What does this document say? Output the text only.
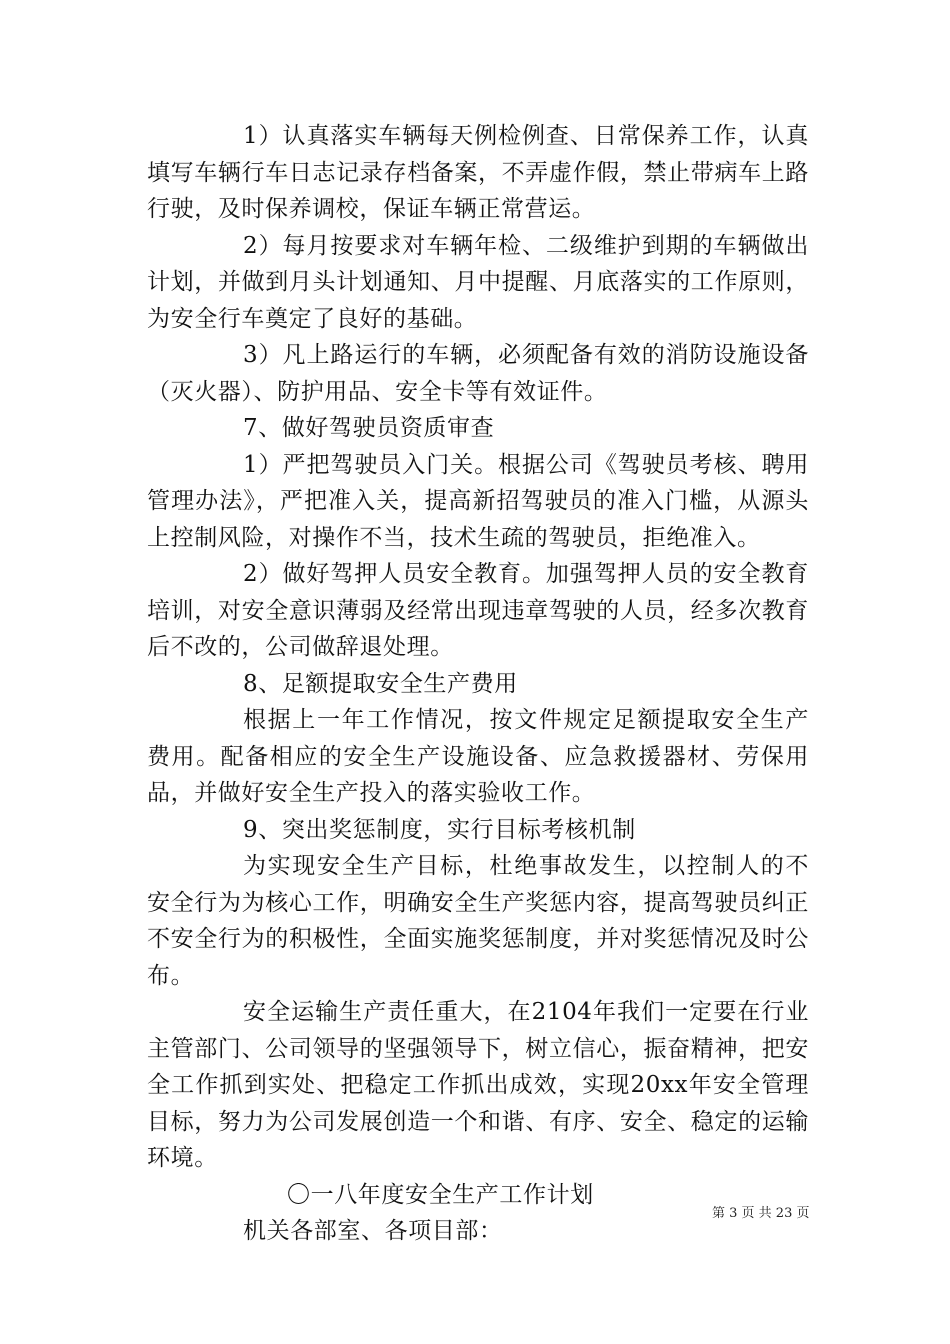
1）认真落实车辆每天例检例查、日常保养工作，认真填写车辆行车日志记录存档备案，不弄虚作假，禁止带病车上路行驶，及时保养调校，保证车辆正常营运。

2）每月按要求对车辆年检、二级维护到期的车辆做出计划，并做到月头计划通知、月中提醒、月底落实的工作原则，为安全行车奠定了良好的基础。

3）凡上路运行的车辆，必须配备有效的消防设施设备（灭火器）、防护用品、安全卡等有效证件。

7、做好驾驶员资质审查

1）严把驾驶员入门关。根据公司《驾驶员考核、聘用管理办法》，严把准入关，提高新招驾驶员的准入门槛，从源头上控制风险，对操作不当，技术生疏的驾驶员，拒绝准入。

2）做好驾押人员安全教育。加强驾押人员的安全教育培训，对安全意识薄弱及经常出现违章驾驶的人员，经多次教育后不改的，公司做辞退处理。

8、足额提取安全生产费用

根据上一年工作情况，按文件规定足额提取安全生产费用。配备相应的安全生产设施设备、应急救援器材、劳保用品，并做好安全生产投入的落实验收工作。

9、突出奖惩制度，实行目标考核机制

为实现安全生产目标，杜绝事故发生，以控制人的不安全行为为核心工作，明确安全生产奖惩内容，提高驾驶员纠正不安全行为的积极性，全面实施奖惩制度，并对奖惩情况及时公布。

安全运输生产责任重大，在2104年我们一定要在行业主管部门、公司领导的坚强领导下，树立信心，振奋精神，把安全工作抓到实处、把稳定工作抓出成效，实现20xx年安全管理目标，努力为公司发展创造一个和谐、有序、安全、稳定的运输环境。

〇一八年度安全生产工作计划

机关各部室、各项目部：

第 3 页 共 23 页
